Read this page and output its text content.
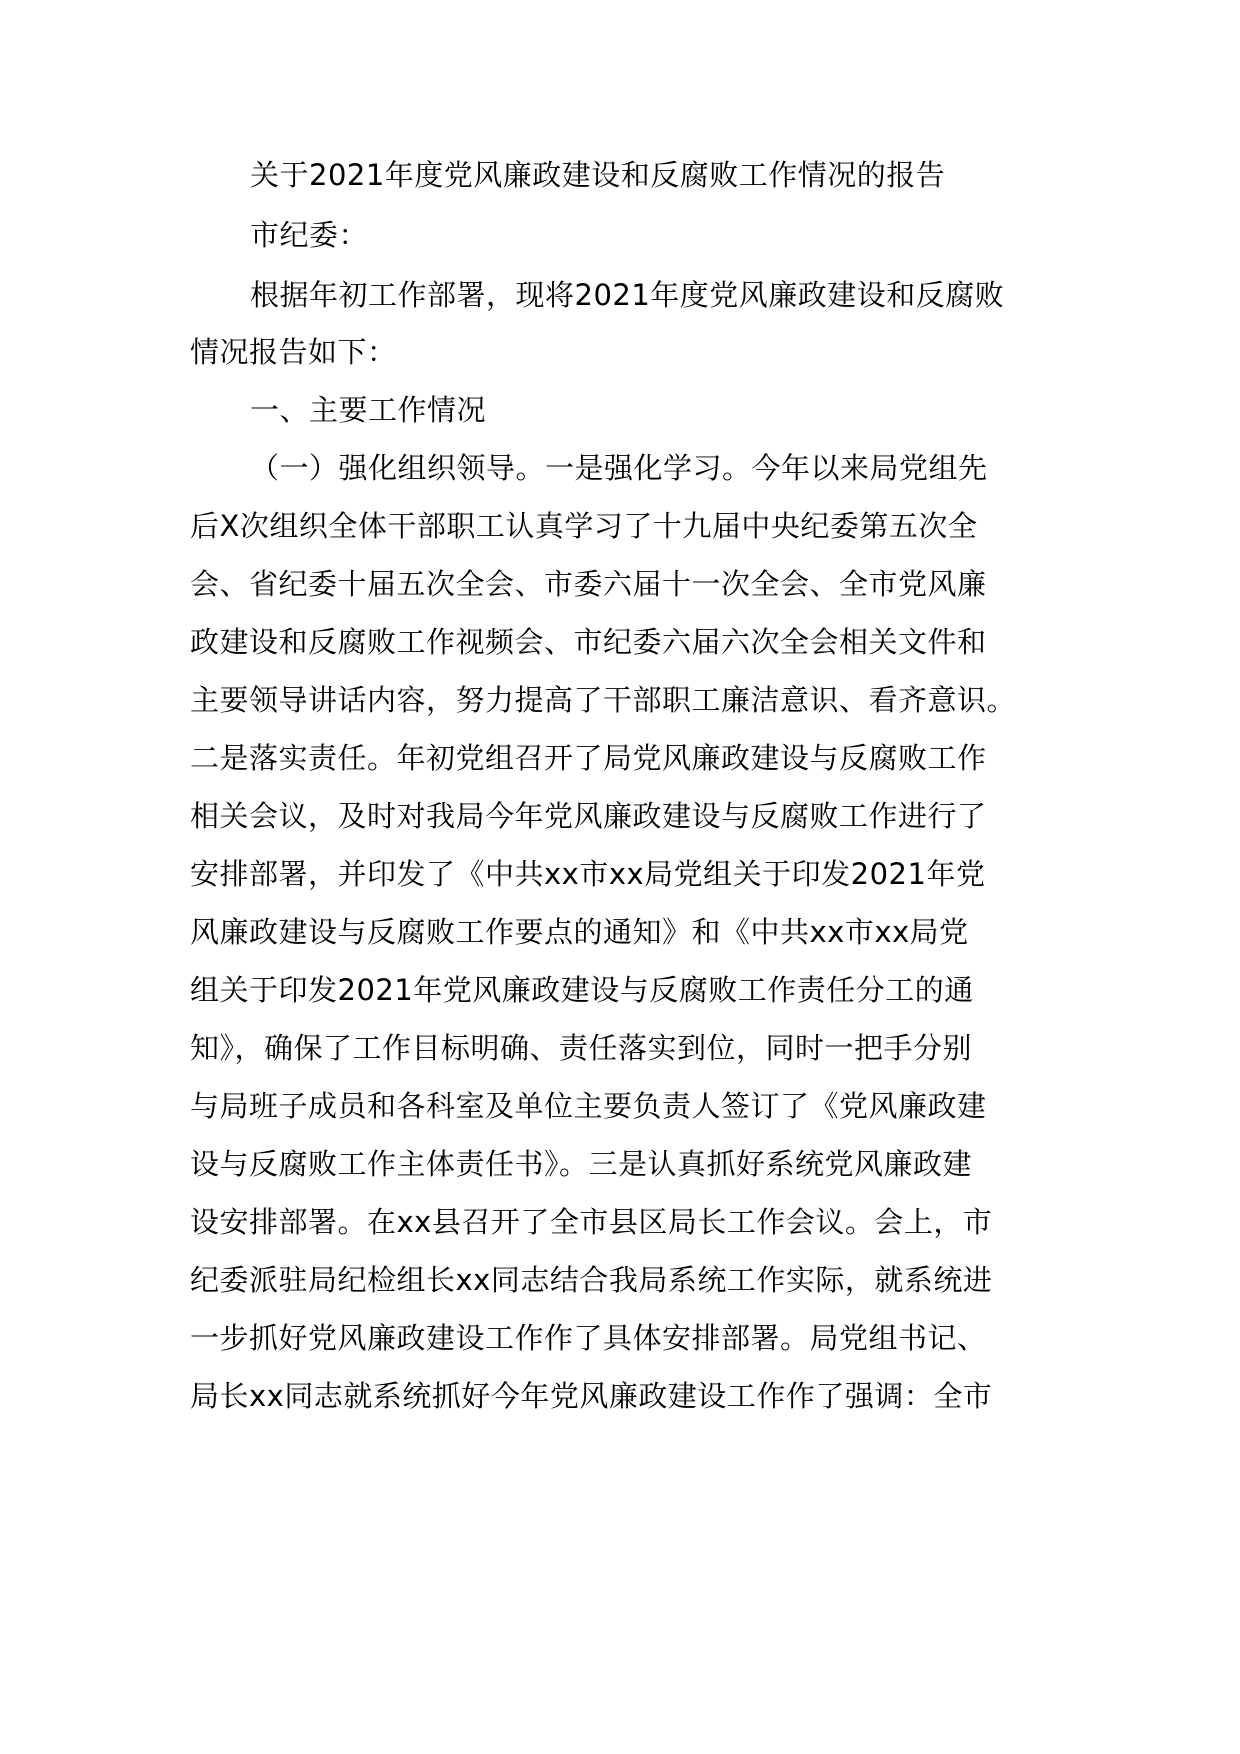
关于2021年度党风廉政建设和反腐败工作情况的报告
市纪委：
根据年初工作部署，现将2021年度党风廉政建设和反腐败
情况报告如下：
一、主要工作情况
（一）强化组织领导。一是强化学习。今年以来局党组先
后X次组织全体干部职工认真学习了十九届中央纪委第五次全
会、省纪委十届五次全会、市委六届十一次全会、全市党风廉
政建设和反腐败工作视频会、市纪委六届六次全会相关文件和
主要领导讲话内容，努力提高了干部职工廉洁意识、看齐意识。
二是落实责任。年初党组召开了局党风廉政建设与反腐败工作
相关会议，及时对我局今年党风廉政建设与反腐败工作进行了
安排部署，并印发了《中共xx市xx局党组关于印发2021年党
风廉政建设与反腐败工作要点的通知》和《中共xx市xx局党
组关于印发2021年党风廉政建设与反腐败工作责任分工的通
知》，确保了工作目标明确、责任落实到位，同时一把手分别
与局班子成员和各科室及单位主要负责人签订了《党风廉政建
设与反腐败工作主体责任书》。三是认真抓好系统党风廉政建
设安排部署。在xx县召开了全市县区局长工作会议。会上，市
纪委派驻局纪检组长xx同志结合我局系统工作实际，就系统进
一步抓好党风廉政建设工作作了具体安排部署。局党组书记、
局长xx同志就系统抓好今年党风廉政建设工作作了强调：全市
